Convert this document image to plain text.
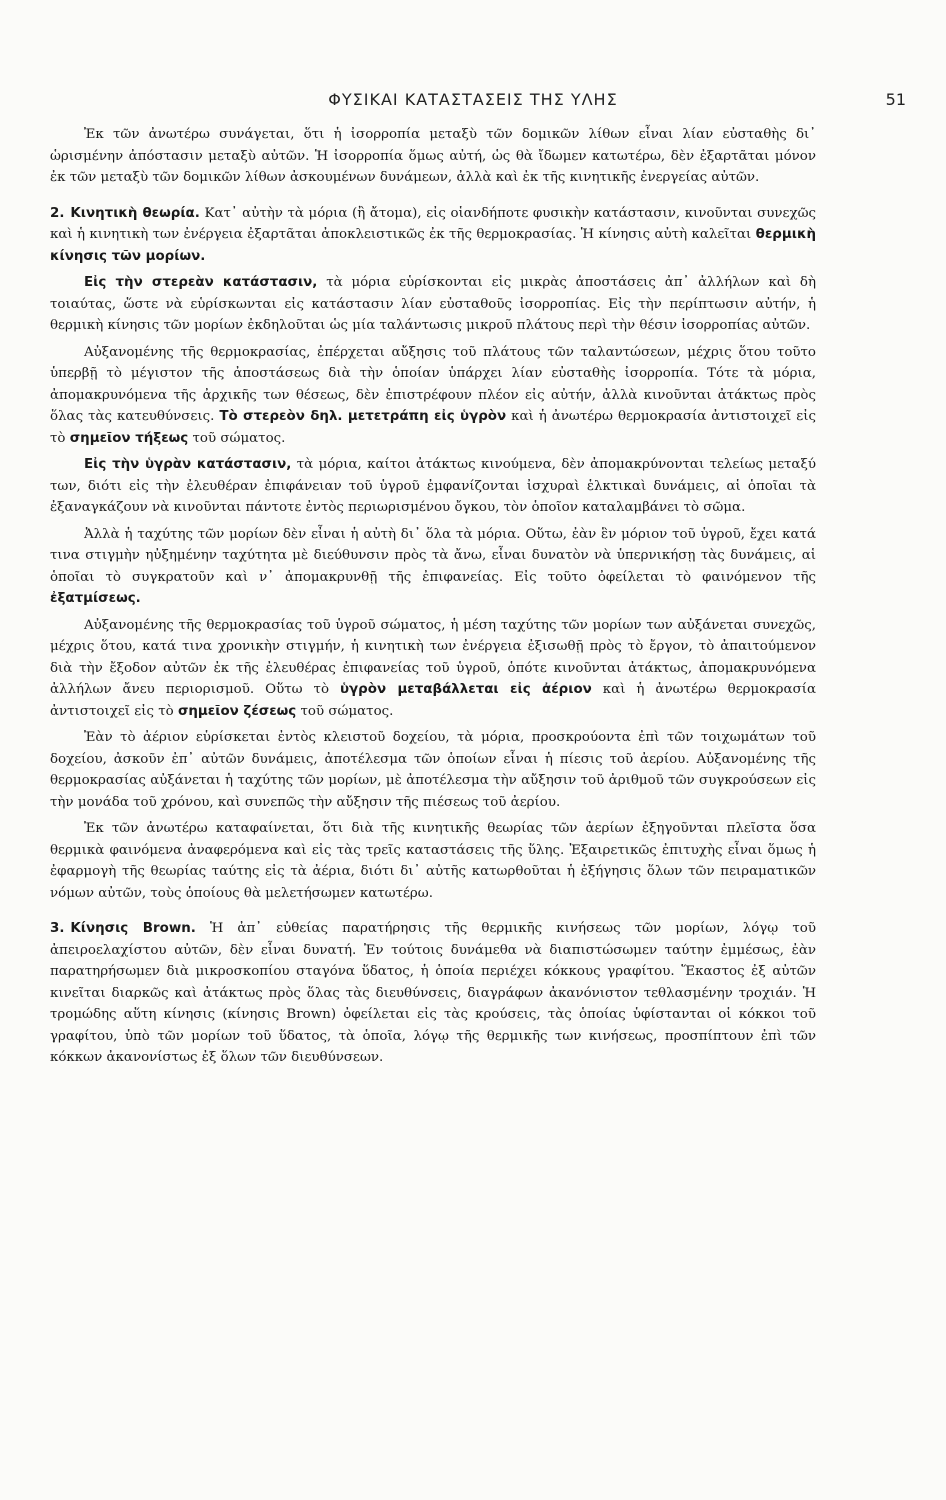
ΦΥΣΙΚΑΙ ΚΑΤΑΣΤΑΣΕΙΣ ΤΗΣ ΥΛΗΣ	51

Ἐκ τῶν ἀνωτέρω συνάγεται, ὅτι ἡ ἰσορροπία μεταξὺ τῶν δομικῶν λίθων εἶναι λίαν εὐσταθὴς δι᾽ ὡρισμένην ἀπόστασιν μεταξὺ αὐτῶν. Ἡ ἰσορροπία ὅμως αὐτή, ὡς θὰ ἴδωμεν κατωτέρω, δὲν ἐξαρτᾶται μόνον ἐκ τῶν μεταξὺ τῶν δομικῶν λίθων ἀσκουμένων δυνάμεων, ἀλλὰ καὶ ἐκ τῆς κινητικῆς ἐνεργείας αὐτῶν.

2. Κινητικὴ θεωρία. Κατ᾽ αὐτὴν τὰ μόρια (ἢ ἄτομα), εἰς οἱανδήποτε φυσικὴν κατάστασιν, κινοῦνται συνεχῶς καὶ ἡ κινητικὴ των ἐνέργεια ἐξαρτᾶται ἀποκλειστικῶς ἐκ τῆς θερμοκρασίας. Ἡ κίνησις αὐτὴ καλεῖται θερμικὴ κίνησις τῶν μορίων.

Εἰς τὴν στερεὰν κατάστασιν, τὰ μόρια εὑρίσκονται εἰς μικρὰς ἀποστάσεις ἀπ᾽ ἀλλήλων καὶ δὴ τοιαύτας, ὥστε νὰ εὑρίσκωνται εἰς κατάστασιν λίαν εὐσταθοῦς ἰσορροπίας. Εἰς τὴν περίπτωσιν αὐτήν, ἡ θερμικὴ κίνησις τῶν μορίων ἐκδηλοῦται ὡς μία ταλάντωσις μικροῦ πλάτους περὶ τὴν θέσιν ἰσορροπίας αὐτῶν.

Αὐξανομένης τῆς θερμοκρασίας, ἐπέρχεται αὔξησις τοῦ πλάτους τῶν ταλαντώσεων, μέχρις ὅτου τοῦτο ὑπερβῇ τὸ μέγιστον τῆς ἀποστάσεως διὰ τὴν ὁποίαν ὑπάρχει λίαν εὐσταθὴς ἰσορροπία. Τότε τὰ μόρια, ἀπομακρυνόμενα τῆς ἀρχικῆς των θέσεως, δὲν ἐπιστρέφουν πλέον εἰς αὐτήν, ἀλλὰ κινοῦνται ἀτάκτως πρὸς ὅλας τὰς κατευθύνσεις. Τὸ στερεὸν δηλ. μετετράπη εἰς ὑγρὸν καὶ ἡ ἀνωτέρω θερμοκρασία ἀντιστοιχεῖ εἰς τὸ σημεῖον τήξεως τοῦ σώματος.

Εἰς τὴν ὑγρὰν κατάστασιν, τὰ μόρια, καίτοι ἀτάκτως κινούμενα, δὲν ἀπομακρύνονται τελείως μεταξύ των, διότι εἰς τὴν ἐλευθέραν ἐπιφάνειαν τοῦ ὑγροῦ ἐμφανίζονται ἰσχυραὶ ἑλκτικαὶ δυνάμεις, αἱ ὁποῖαι τὰ ἐξαναγκάζουν νὰ κινοῦνται πάντοτε ἐντὸς περιωρισμένου ὄγκου, τὸν ὁποῖον καταλαμβάνει τὸ σῶμα.

Ἀλλὰ ἡ ταχύτης τῶν μορίων δὲν εἶναι ἡ αὐτὴ δι᾽ ὅλα τὰ μόρια. Οὕτω, ἐὰν ἓν μόριον τοῦ ὑγροῦ, ἔχει κατά τινα στιγμὴν ηὐξημένην ταχύτητα μὲ διεύθυνσιν πρὸς τὰ ἄνω, εἶναι δυνατὸν νὰ ὑπερνικήσῃ τὰς δυνάμεις, αἱ ὁποῖαι τὸ συγκρατοῦν καὶ ν᾽ ἀπομακρυνθῇ τῆς ἐπιφανείας. Εἰς τοῦτο ὀφείλεται τὸ φαινόμενον τῆς ἐξατμίσεως.

Αὐξανομένης τῆς θερμοκρασίας τοῦ ὑγροῦ σώματος, ἡ μέση ταχύτης τῶν μορίων των αὐξάνεται συνεχῶς, μέχρις ὅτου, κατά τινα χρονικὴν στιγμήν, ἡ κινητικὴ των ἐνέργεια ἐξισωθῇ πρὸς τὸ ἔργον, τὸ ἀπαιτούμενον διὰ τὴν ἔξοδον αὐτῶν ἐκ τῆς ἐλευθέρας ἐπιφανείας τοῦ ὑγροῦ, ὁπότε κινοῦνται ἀτάκτως, ἀπομακρυνόμενα ἀλλήλων ἄνευ περιορισμοῦ. Οὕτω τὸ ὑγρὸν μεταβάλλεται εἰς ἀέριον καὶ ἡ ἀνωτέρω θερμοκρασία ἀντιστοιχεῖ εἰς τὸ σημεῖον ζέσεως τοῦ σώματος.

Ἐὰν τὸ ἀέριον εὑρίσκεται ἐντὸς κλειστοῦ δοχείου, τὰ μόρια, προσκρούοντα ἐπὶ τῶν τοιχωμάτων τοῦ δοχείου, ἀσκοῦν ἐπ᾽ αὐτῶν δυνάμεις, ἀποτέλεσμα τῶν ὁποίων εἶναι ἡ πίεσις τοῦ ἀερίου. Αὐξανομένης τῆς θερμοκρασίας αὐξάνεται ἡ ταχύτης τῶν μορίων, μὲ ἀποτέλεσμα τὴν αὔξησιν τοῦ ἀριθμοῦ τῶν συγκρούσεων εἰς τὴν μονάδα τοῦ χρόνου, καὶ συνεπῶς τὴν αὔξησιν τῆς πιέσεως τοῦ ἀερίου.

Ἐκ τῶν ἀνωτέρω καταφαίνεται, ὅτι διὰ τῆς κινητικῆς θεωρίας τῶν ἀερίων ἐξηγοῦνται πλεῖστα ὅσα θερμικὰ φαινόμενα ἀναφερόμενα καὶ εἰς τὰς τρεῖς καταστάσεις τῆς ὕλης. Ἐξαιρετικῶς ἐπιτυχὴς εἶναι ὅμως ἡ ἐφαρμογὴ τῆς θεωρίας ταύτης εἰς τὰ ἀέρια, διότι δι᾽ αὐτῆς κατωρθοῦται ἡ ἐξήγησις ὅλων τῶν πειραματικῶν νόμων αὐτῶν, τοὺς ὁποίους θὰ μελετήσωμεν κατωτέρω.

3. Κίνησις Brown. Ἡ ἀπ᾽ εὐθείας παρατήρησις τῆς θερμικῆς κινήσεως τῶν μορίων, λόγῳ τοῦ ἀπειροελαχίστου αὐτῶν, δὲν εἶναι δυνατή. Ἐν τούτοις δυνάμεθα νὰ διαπιστώσωμεν ταύτην ἐμμέσως, ἐὰν παρατηρήσωμεν διὰ μικροσκοπίου σταγόνα ὕδατος, ἡ ὁποία περιέχει κόκκους γραφίτου. Ἕκαστος ἐξ αὐτῶν κινεῖται διαρκῶς καὶ ἀτάκτως πρὸς ὅλας τὰς διευθύνσεις, διαγράφων ἀκανόνιστον τεθλασμένην τροχιάν. Ἡ τρομώδης αὕτη κίνησις (κίνησις Brown) ὀφείλεται εἰς τὰς κρούσεις, τὰς ὁποίας ὑφίστανται οἱ κόκκοι τοῦ γραφίτου, ὑπὸ τῶν μορίων τοῦ ὕδατος, τὰ ὁποῖα, λόγῳ τῆς θερμικῆς των κινήσεως, προσπίπτουν ἐπὶ τῶν κόκκων ἀκανονίστως ἐξ ὅλων τῶν διευθύνσεων.
